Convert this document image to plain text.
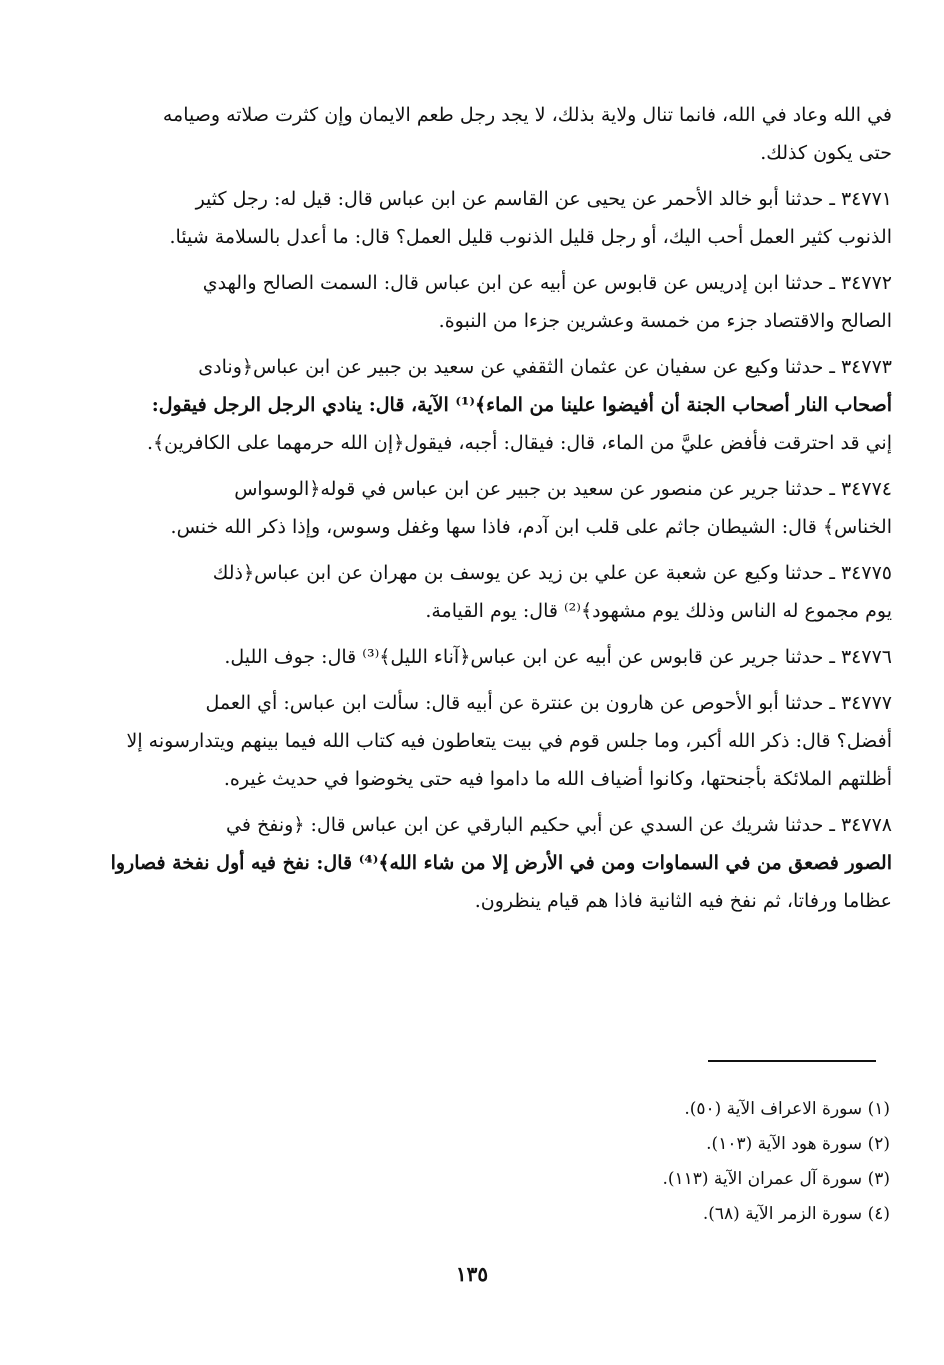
في الله وعاد في الله، فانما تنال ولاية بذلك، لا يجد رجل طعم الايمان وإن كثرت صلاته وصيامه
حتى يكون كذلك.
٣٤٧٧١ ـ حدثنا أبو خالد الأحمر عن يحيى عن القاسم عن ابن عباس قال: قيل له: رجل كثير
الذنوب كثير العمل أحب اليك، أو رجل قليل الذنوب قليل العمل؟ قال: ما أعدل بالسلامة شيئا.
٣٤٧٧٢ ـ حدثنا ابن إدريس عن قابوس عن أبيه عن ابن عباس قال: السمت الصالح والهدي
الصالح والاقتصاد جزء من خمسة وعشرين جزءا من النبوة.
٣٤٧٧٣ ـ حدثنا وكيع عن سفيان عن عثمان الثقفي عن سعيد بن جبير عن ابن عباس﴿ونادى
أصحاب النار أصحاب الجنة أن أفيضوا علينا من الماء﴾⁽¹⁾ الآية، قال: ينادي الرجل الرجل فيقول:
إني قد احترقت فأفض عليَّ من الماء، قال: فيقال: أجبه، فيقول﴿إن الله حرمهما على الكافرين﴾.
٣٤٧٧٤ ـ حدثنا جرير عن منصور عن سعيد بن جبير عن ابن عباس في قوله﴿الوسواس
الخناس﴾ قال: الشيطان جاثم على قلب ابن آدم، فاذا سها وغفل وسوس، وإذا ذكر الله خنس.
٣٤٧٧٥ ـ حدثنا وكيع عن شعبة عن علي بن زيد عن يوسف بن مهران عن ابن عباس﴿ذلك
يوم مجموع له الناس وذلك يوم مشهود﴾⁽²⁾ قال: يوم القيامة.
٣٤٧٧٦ ـ حدثنا جرير عن قابوس عن أبيه عن ابن عباس﴿آناء الليل﴾⁽³⁾ قال: جوف الليل.
٣٤٧٧٧ ـ حدثنا أبو الأحوص عن هارون بن عنترة عن أبيه قال: سألت ابن عباس: أي العمل
أفضل؟ قال: ذكر الله أكبر، وما جلس قوم في بيت يتعاطون فيه كتاب الله فيما بينهم ويتدارسونه إلا
أظلتهم الملائكة بأجنحتها، وكانوا أضياف الله ما داموا فيه حتى يخوضوا في حديث غيره.
٣٤٧٧٨ ـ حدثنا شريك عن السدي عن أبي حكيم البارقي عن ابن عباس قال: ﴿ونفخ في
الصور فصعق من في السماوات ومن في الأرض إلا من شاء الله﴾⁽⁴⁾ قال: نفخ فيه أول نفخة فصاروا
عظاما ورفاتا، ثم نفخ فيه الثانية فاذا هم قيام ينظرون.
(١) سورة الاعراف الآية (٥٠).
(٢) سورة هود الآية (١٠٣).
(٣) سورة آل عمران الآية (١١٣).
(٤) سورة الزمر الآية (٦٨).
١٣٥
